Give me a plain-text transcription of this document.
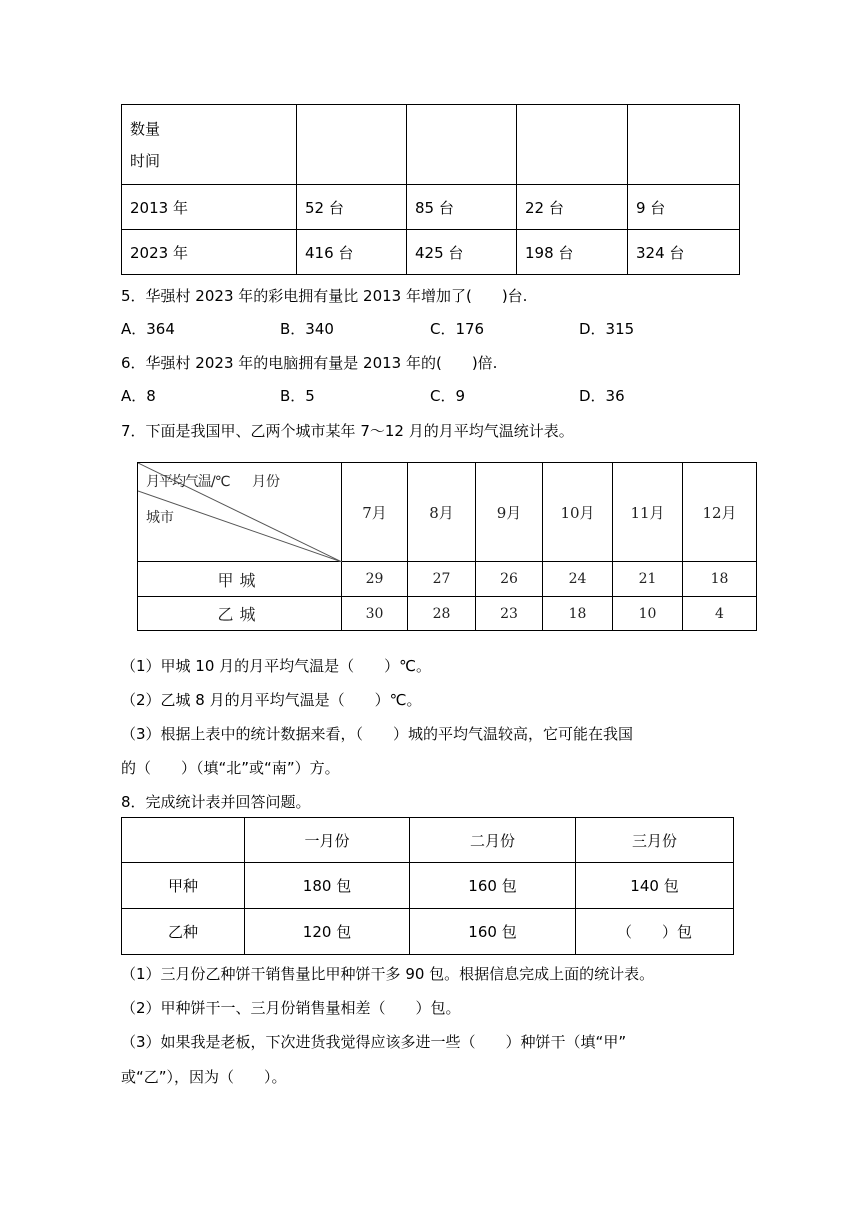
数量
时间				

2013 年	52 台	85 台	22 台	9 台
2023 年	416 台	425 台	198 台	324 台
5．华强村 2023 年的彩电拥有量比 2013 年增加了(　　)台.
A．364	B．340	C．176	D．315
6．华强村 2023 年的电脑拥有量是 2013 年的(　　)倍.
A．8	B．5	C．9	D．36
7．下面是我国甲、乙两个城市某年 7～12 月的月平均气温统计表。
月平均气温/℃ 月份
城市	7月	8月	9月	10月	11月	12月
甲城	29	27	26	24	21	18
乙城	30	28	23	18	10	4
（1）甲城 10 月的月平均气温是（　　）℃。
（2）乙城 8 月的月平均气温是（　　）℃。
（3）根据上表中的统计数据来看，（　　）城的平均气温较高，它可能在我国
的（　　）（填“北”或“南”）方。
8．完成统计表并回答问题。
	一月份	二月份	三月份
甲种	180 包	160 包	140 包
乙种	120 包	160 包	（　　）包
（1）三月份乙种饼干销售量比甲种饼干多 90 包。根据信息完成上面的统计表。
（2）甲种饼干一、三月份销售量相差（　　）包。
（3）如果我是老板，下次进货我觉得应该多进一些（　　）种饼干（填“甲”
或“乙”），因为（　　）。
